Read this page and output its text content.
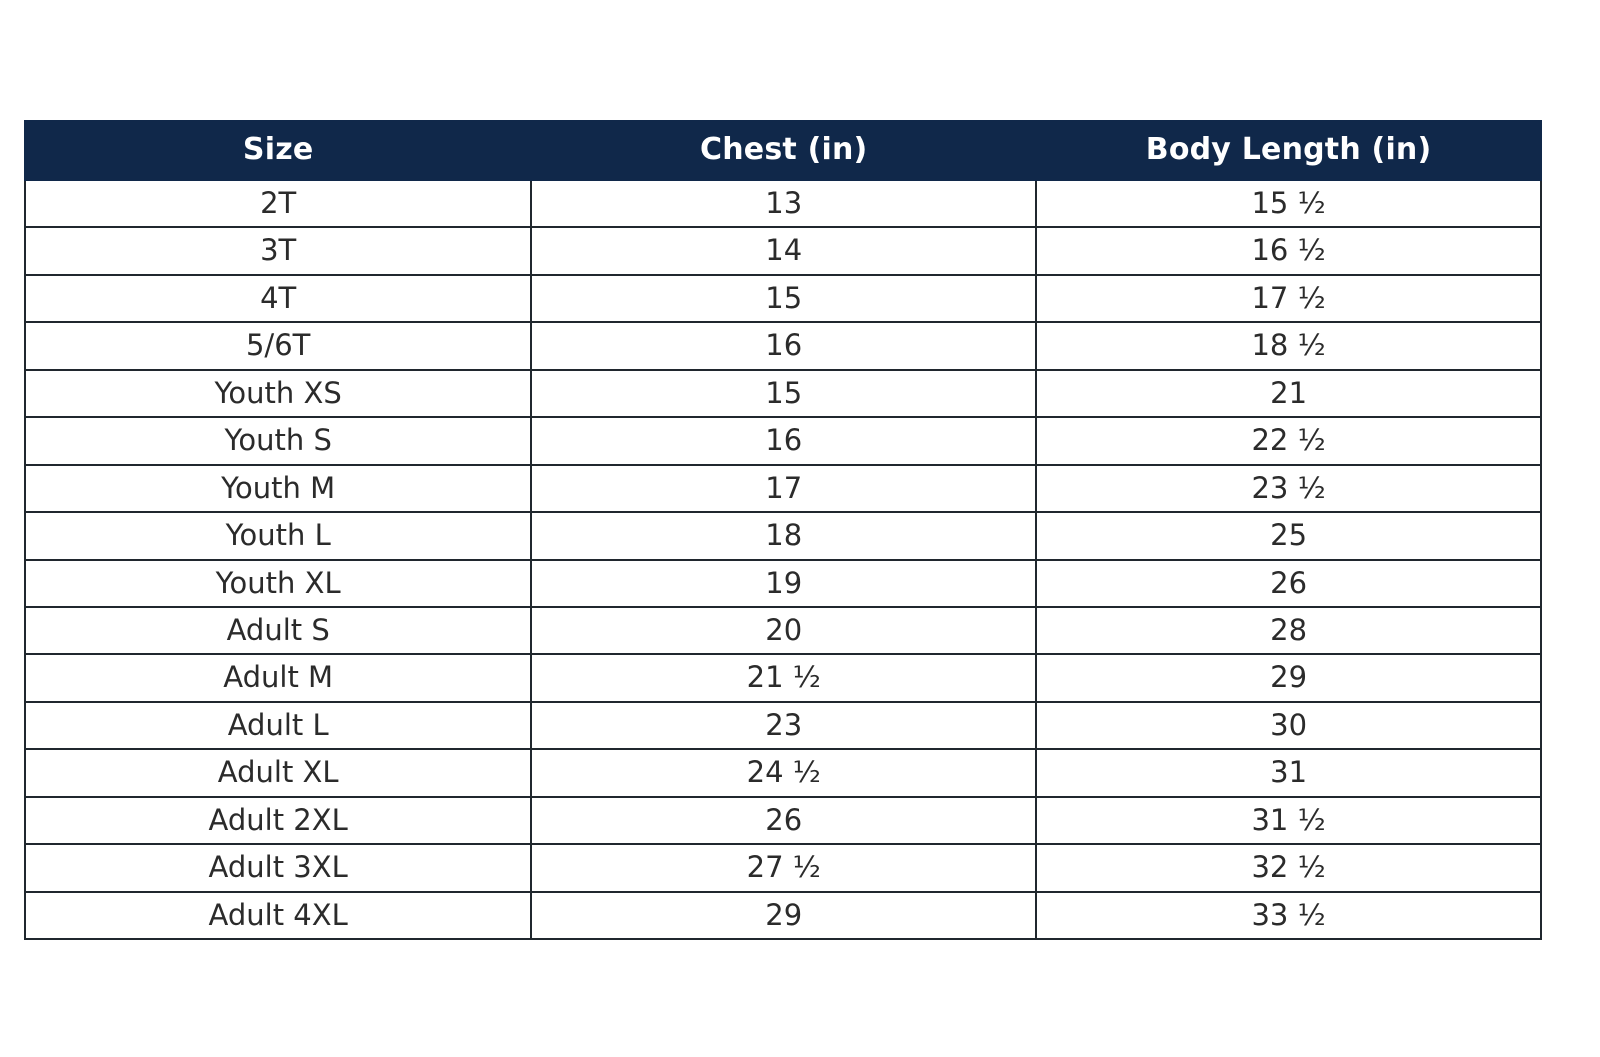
Size	Chest (in)	Body Length (in)
2T	13	15 ½
3T	14	16 ½
4T	15	17 ½
5/6T	16	18 ½
Youth XS	15	21
Youth S	16	22 ½
Youth M	17	23 ½
Youth L	18	25
Youth XL	19	26
Adult S	20	28
Adult M	21 ½	29
Adult L	23	30
Adult XL	24 ½	31
Adult 2XL	26	31 ½
Adult 3XL	27 ½	32 ½
Adult 4XL	29	33 ½
